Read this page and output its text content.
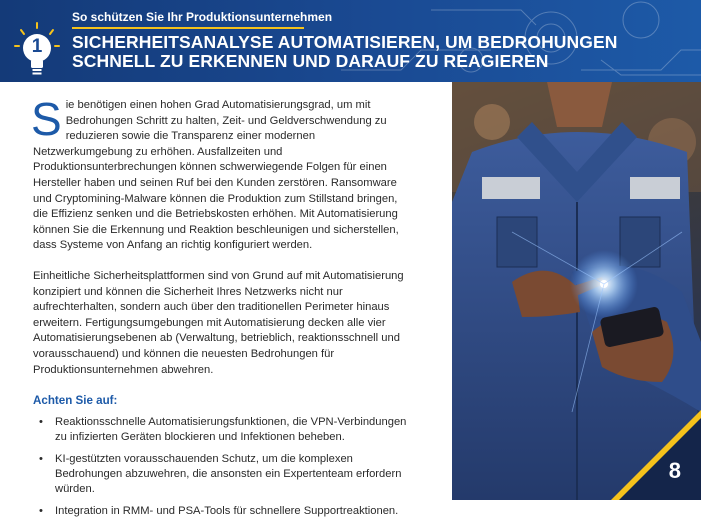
1
So schützen Sie Ihr Produktionsunternehmen
SICHERHEITSANALYSE AUTOMATISIEREN, UM BEDROHUNGEN
SCHNELL ZU ERKENNEN UND DARAUF ZU REAGIEREN

Sie benötigen einen hohen Grad Automatisierungsgrad, um mit Bedrohungen Schritt zu halten, Zeit- und Geldverschwendung zu reduzieren sowie die Transparenz einer modernen Netzwerkumgebung zu erhöhen. Ausfallzeiten und Produktionsunterbrechungen können schwerwiegende Folgen für einen Hersteller haben und seinen Ruf bei den Kunden zerstören. Ransomware und Cryptomining-Malware können die Produktion zum Stillstand bringen, die Effizienz senken und die Betriebskosten erhöhen. Mit Automatisierung können Sie die Erkennung und Reaktion beschleunigen und sicherstellen, dass Systeme von Anfang an richtig konfiguriert werden.

Einheitliche Sicherheitsplattformen sind von Grund auf mit Automatisierung konzipiert und können die Sicherheit Ihres Netzwerks nicht nur aufrechterhalten, sondern auch über den traditionellen Perimeter hinaus erweitern. Fertigungsumgebungen mit Automatisierung decken alle vier Automatisierungsebenen ab (Verwaltung, betrieblich, reaktionsschnell und vorausschauend) und können die neuesten Bedrohungen für Produktionsunternehmen abwehren.

Achten Sie auf:
• Reaktionsschnelle Automatisierungsfunktionen, die VPN-Verbindungen zu infizierten Geräten blockieren und Infektionen beheben.
• KI-gestützten vorausschauenden Schutz, um die komplexen Bedrohungen abzuwehren, die ansonsten ein Expertenteam erfordern würden.
• Integration in RMM- und PSA-Tools für schnellere Supportreaktionen.
8
